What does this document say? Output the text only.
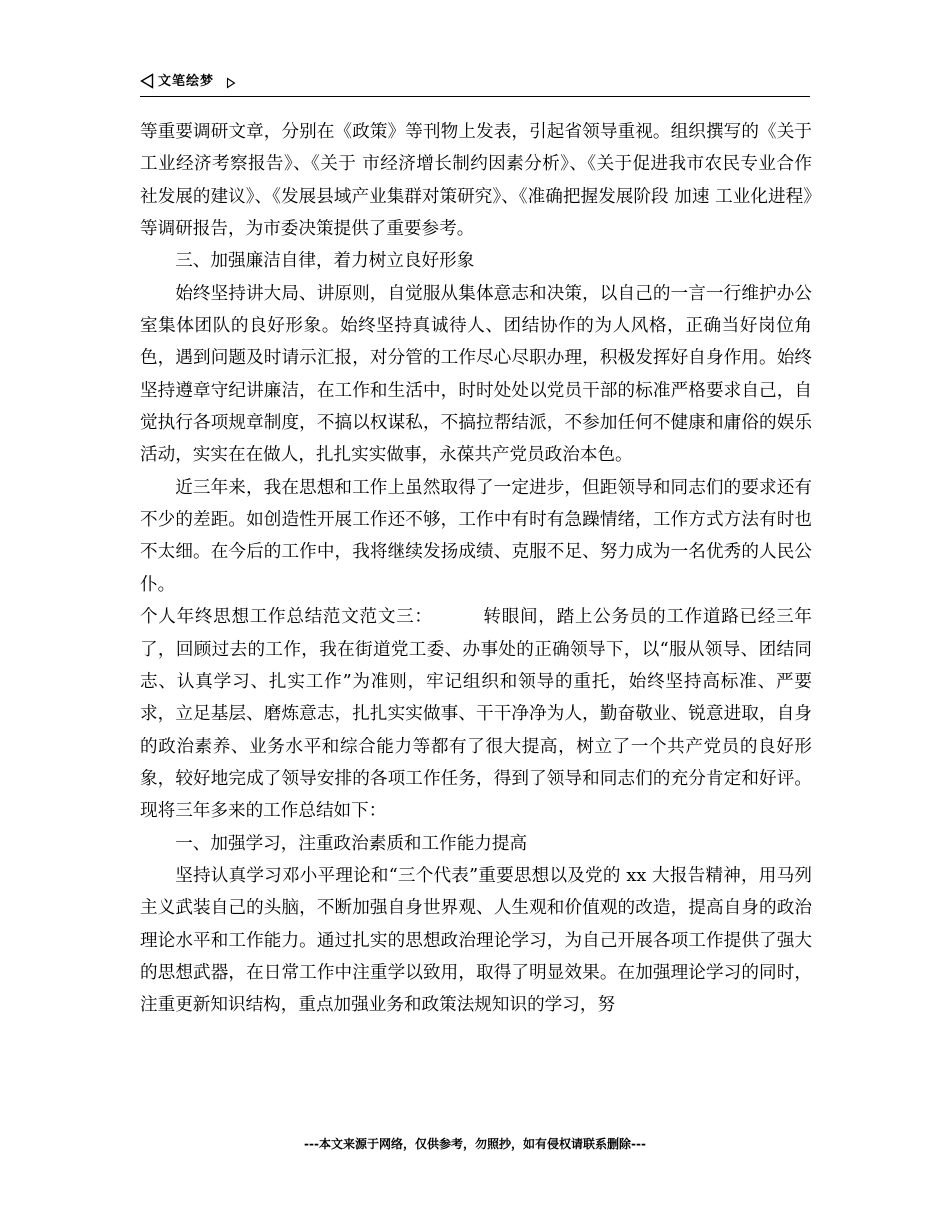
文笔绘梦

等重要调研文章，分别在《政策》等刊物上发表，引起省领导重视。组织撰写的《关于 工业经济考察报告》、《关于 市经济增长制约因素分析》、《关于促进我市农民专业合作社发展的建议》、《发展县域产业集群对策研究》、《准确把握发展阶段 加速 工业化进程》等调研报告，为市委决策提供了重要参考。

三、加强廉洁自律，着力树立良好形象

始终坚持讲大局、讲原则，自觉服从集体意志和决策，以自己的一言一行维护办公室集体团队的良好形象。始终坚持真诚待人、团结协作的为人风格，正确当好岗位角色，遇到问题及时请示汇报，对分管的工作尽心尽职办理，积极发挥好自身作用。始终坚持遵章守纪讲廉洁，在工作和生活中，时时处处以党员干部的标准严格要求自己，自觉执行各项规章制度，不搞以权谋私，不搞拉帮结派，不参加任何不健康和庸俗的娱乐活动，实实在在做人，扎扎实实做事，永葆共产党员政治本色。

近三年来，我在思想和工作上虽然取得了一定进步，但距领导和同志们的要求还有不少的差距。如创造性开展工作还不够，工作中有时有急躁情绪，工作方式方法有时也不太细。在今后的工作中，我将继续发扬成绩、克服不足、努力成为一名优秀的人民公仆。

个人年终思想工作总结范文范文三：	转眼间，踏上公务员的工作道路已经三年了，回顾过去的工作，我在街道党工委、办事处的正确领导下，以“服从领导、团结同志、认真学习、扎实工作”为准则，牢记组织和领导的重托，始终坚持高标准、严要求，立足基层、磨炼意志，扎扎实实做事、干干净净为人，勤奋敬业、锐意进取，自身的政治素养、业务水平和综合能力等都有了很大提高，树立了一个共产党员的良好形象，较好地完成了领导安排的各项工作任务，得到了领导和同志们的充分肯定和好评。现将三年多来的工作总结如下：

一、加强学习，注重政治素质和工作能力提高

坚持认真学习邓小平理论和“三个代表”重要思想以及党的 xx 大报告精神，用马列主义武装自己的头脑，不断加强自身世界观、人生观和价值观的改造，提高自身的政治理论水平和工作能力。通过扎实的思想政治理论学习，为自己开展各项工作提供了强大的思想武器，在日常工作中注重学以致用，取得了明显效果。在加强理论学习的同时，注重更新知识结构，重点加强业务和政策法规知识的学习，努

---本文来源于网络，仅供参考，勿照抄，如有侵权请联系删除---
